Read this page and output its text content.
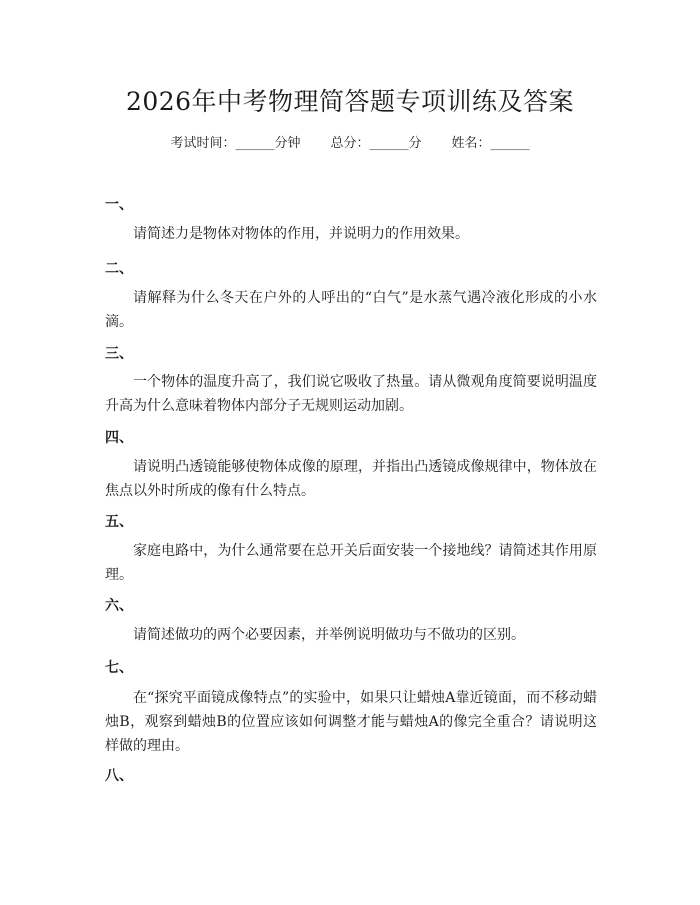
2026年中考物理简答题专项训练及答案
考试时间：______分钟 总分：______分 姓名：______

一、

请简述力是物体对物体的作用，并说明力的作用效果。

二、

请解释为什么冬天在户外的人呼出的“白气”是水蒸气遇冷液化形成的小水滴。

三、

一个物体的温度升高了，我们说它吸收了热量。请从微观角度简要说明温度升高为什么意味着物体内部分子无规则运动加剧。

四、

请说明凸透镜能够使物体成像的原理，并指出凸透镜成像规律中，物体放在焦点以外时所成的像有什么特点。

五、

家庭电路中，为什么通常要在总开关后面安装一个接地线？请简述其作用原理。

六、

请简述做功的两个必要因素，并举例说明做功与不做功的区别。

七、

在“探究平面镜成像特点”的实验中，如果只让蜡烛A靠近镜面，而不移动蜡烛B，观察到蜡烛B的位置应该如何调整才能与蜡烛A的像完全重合？请说明这样做的理由。

八、
